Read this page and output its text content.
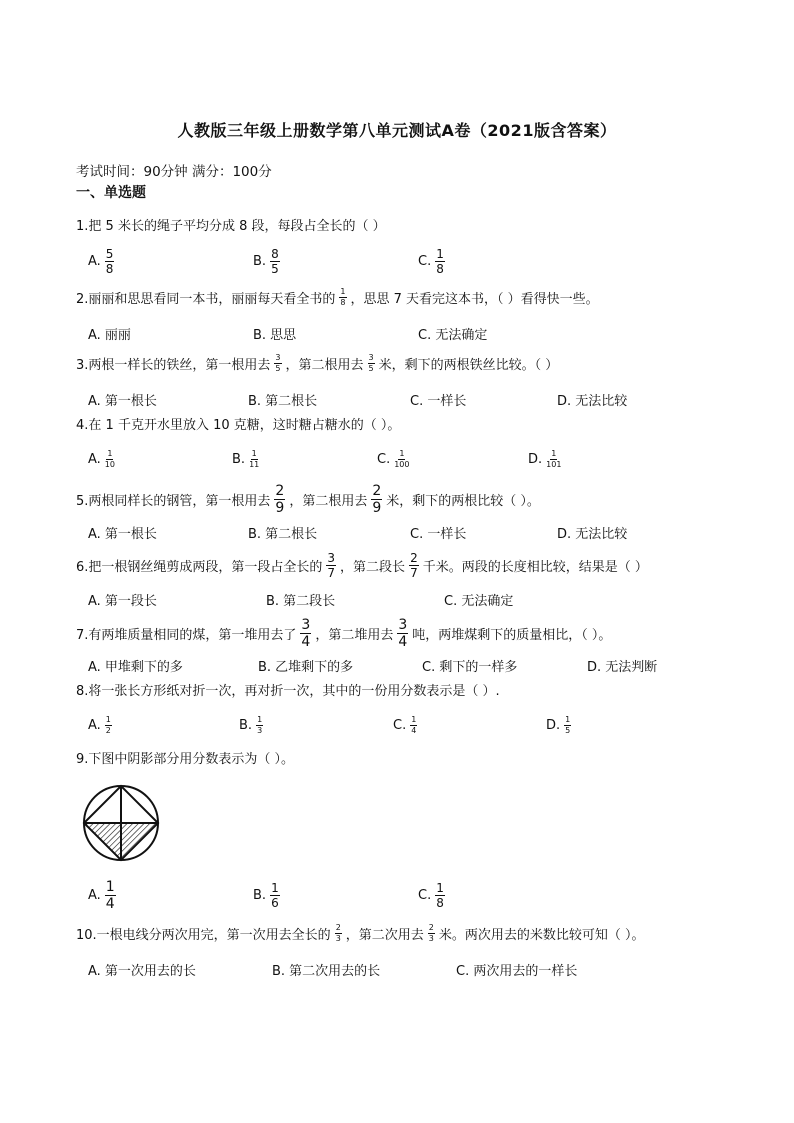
人教版三年级上册数学第八单元测试A卷（2021版含答案）
考试时间：90分钟 满分：100分
一、单选题
1.把 5 米长的绳子平均分成 8 段，每段占全长的（ ）
A. $\frac{5}{8}$	B. $\frac{8}{5}$	C. $\frac{1}{8}$
2.丽丽和思思看同一本书，丽丽每天看全书的 $\frac{1}{8}$ ，思思 7 天看完这本书，（ ）看得快一些。
A. 丽丽	B. 思思	C. 无法确定
3.两根一样长的铁丝，第一根用去 $\frac{3}{5}$ ，第二根用去 $\frac{3}{5}$ 米，剩下的两根铁丝比较。（ ）
A. 第一根长	B. 第二根长	C. 一样长	D. 无法比较
4.在 1 千克开水里放入 10 克糖，这时糖占糖水的（ ）。
A. $\frac{1}{10}$	B. $\frac{1}{11}$	C. $\frac{1}{100}$	D. $\frac{1}{101}$
5.两根同样长的钢管，第一根用去 $\frac{2}{9}$ ，第二根用去 $\frac{2}{9}$ 米，剩下的两根比较（ ）。
A. 第一根长	B. 第二根长	C. 一样长	D. 无法比较
6.把一根钢丝绳剪成两段，第一段占全长的 $\frac{3}{7}$ ，第二段长 $\frac{2}{7}$ 千米。两段的长度相比较，结果是（ ）
A. 第一段长	B. 第二段长	C. 无法确定
7.有两堆质量相同的煤，第一堆用去了 $\frac{3}{4}$ ，第二堆用去 $\frac{3}{4}$ 吨，两堆煤剩下的质量相比，（ ）。
A. 甲堆剩下的多	B. 乙堆剩下的多	C. 剩下的一样多	D. 无法判断
8.将一张长方形纸对折一次，再对折一次，其中的一份用分数表示是（ ）.
A. $\frac{1}{2}$	B. $\frac{1}{3}$	C. $\frac{1}{4}$	D. $\frac{1}{5}$
9.下图中阴影部分用分数表示为（ ）。
A. $\frac{1}{4}$	B. $\frac{1}{6}$	C. $\frac{1}{8}$
10.一根电线分两次用完，第一次用去全长的 $\frac{2}{3}$ ，第二次用去 $\frac{2}{3}$ 米。两次用去的米数比较可知（ ）。
A. 第一次用去的长	B. 第二次用去的长	C. 两次用去的一样长
